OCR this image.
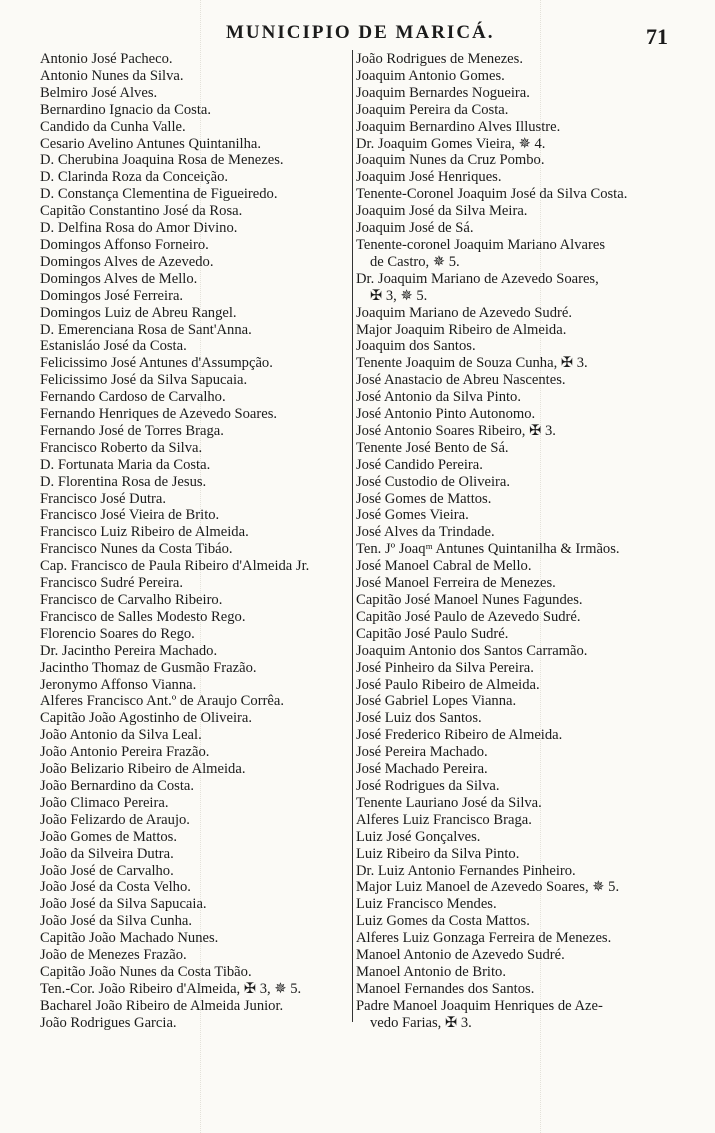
MUNICIPIO DE MARICÁ.	71
Antonio José Pacheco.
Antonio Nunes da Silva.
Belmiro José Alves.
Bernardino Ignacio da Costa.
Candido da Cunha Valle.
Cesario Avelino Antunes Quintanilha.
D. Cherubina Joaquina Rosa de Menezes.
D. Clarinda Roza da Conceição.
D. Constança Clementina de Figueiredo.
Capitão Constantino José da Rosa.
D. Delfina Rosa do Amor Divino.
Domingos Affonso Forneiro.
Domingos Alves de Azevedo.
Domingos Alves de Mello.
Domingos José Ferreira.
Domingos Luiz de Abreu Rangel.
D. Emerenciana Rosa de Sant'Anna.
Estanisláo José da Costa.
Felicissimo José Antunes d'Assumpção.
Felicissimo José da Silva Sapucaia.
Fernando Cardoso de Carvalho.
Fernando Henriques de Azevedo Soares.
Fernando José de Torres Braga.
Francisco Roberto da Silva.
D. Fortunata Maria da Costa.
D. Florentina Rosa de Jesus.
Francisco José Dutra.
Francisco José Vieira de Brito.
Francisco Luiz Ribeiro de Almeida.
Francisco Nunes da Costa Tibáo.
Cap. Francisco de Paula Ribeiro d'Almeida Jr.
Francisco Sudré Pereira.
Francisco de Carvalho Ribeiro.
Francisco de Salles Modesto Rego.
Florencio Soares do Rego.
Dr. Jacintho Pereira Machado.
Jacintho Thomaz de Gusmão Frazão.
Jeronymo Affonso Vianna.
Alferes Francisco Ant.º de Araujo Corrêa.
Capitão João Agostinho de Oliveira.
João Antonio da Silva Leal.
João Antonio Pereira Frazão.
João Belizario Ribeiro de Almeida.
João Bernardino da Costa.
João Climaco Pereira.
João Felizardo de Araujo.
João Gomes de Mattos.
João da Silveira Dutra.
João José de Carvalho.
João José da Costa Velho.
João José da Silva Sapucaia.
João José da Silva Cunha.
Capitão João Machado Nunes.
João de Menezes Frazão.
Capitão João Nunes da Costa Tibão.
Ten.-Cor. João Ribeiro d'Almeida, ✠ 3, ✵ 5.
Bacharel João Ribeiro de Almeida Junior.
João Rodrigues Garcia.
João Rodrigues de Menezes.
Joaquim Antonio Gomes.
Joaquim Bernardes Nogueira.
Joaquim Pereira da Costa.
Joaquim Bernardino Alves Illustre.
Dr. Joaquim Gomes Vieira, ✵ 4.
Joaquim Nunes da Cruz Pombo.
Joaquim José Henriques.
Tenente-Coronel Joaquim José da Silva Costa.
Joaquim José da Silva Meira.
Joaquim José de Sá.
Tenente-coronel Joaquim Mariano Alvares
de Castro, ✵ 5.
Dr. Joaquim Mariano de Azevedo Soares,
✠ 3, ✵ 5.
Joaquim Mariano de Azevedo Sudré.
Major Joaquim Ribeiro de Almeida.
Joaquim dos Santos.
Tenente Joaquim de Souza Cunha, ✠ 3.
José Anastacio de Abreu Nascentes.
José Antonio da Silva Pinto.
José Antonio Pinto Autonomo.
José Antonio Soares Ribeiro, ✠ 3.
Tenente José Bento de Sá.
José Candido Pereira.
José Custodio de Oliveira.
José Gomes de Mattos.
José Gomes Vieira.
José Alves da Trindade.
Ten. Jº Joaqᵐ Antunes Quintanilha & Irmãos.
José Manoel Cabral de Mello.
José Manoel Ferreira de Menezes.
Capitão José Manoel Nunes Fagundes.
Capitão José Paulo de Azevedo Sudré.
Capitão José Paulo Sudré.
Joaquim Antonio dos Santos Carramão.
José Pinheiro da Silva Pereira.
José Paulo Ribeiro de Almeida.
José Gabriel Lopes Vianna.
José Luiz dos Santos.
José Frederico Ribeiro de Almeida.
José Pereira Machado.
José Machado Pereira.
José Rodrigues da Silva.
Tenente Lauriano José da Silva.
Alferes Luiz Francisco Braga.
Luiz José Gonçalves.
Luiz Ribeiro da Silva Pinto.
Dr. Luiz Antonio Fernandes Pinheiro.
Major Luiz Manoel de Azevedo Soares, ✵ 5.
Luiz Francisco Mendes.
Luiz Gomes da Costa Mattos.
Alferes Luiz Gonzaga Ferreira de Menezes.
Manoel Antonio de Azevedo Sudré.
Manoel Antonio de Brito.
Manoel Fernandes dos Santos.
Padre Manoel Joaquim Henriques de Aze-
vedo Farias, ✠ 3.
